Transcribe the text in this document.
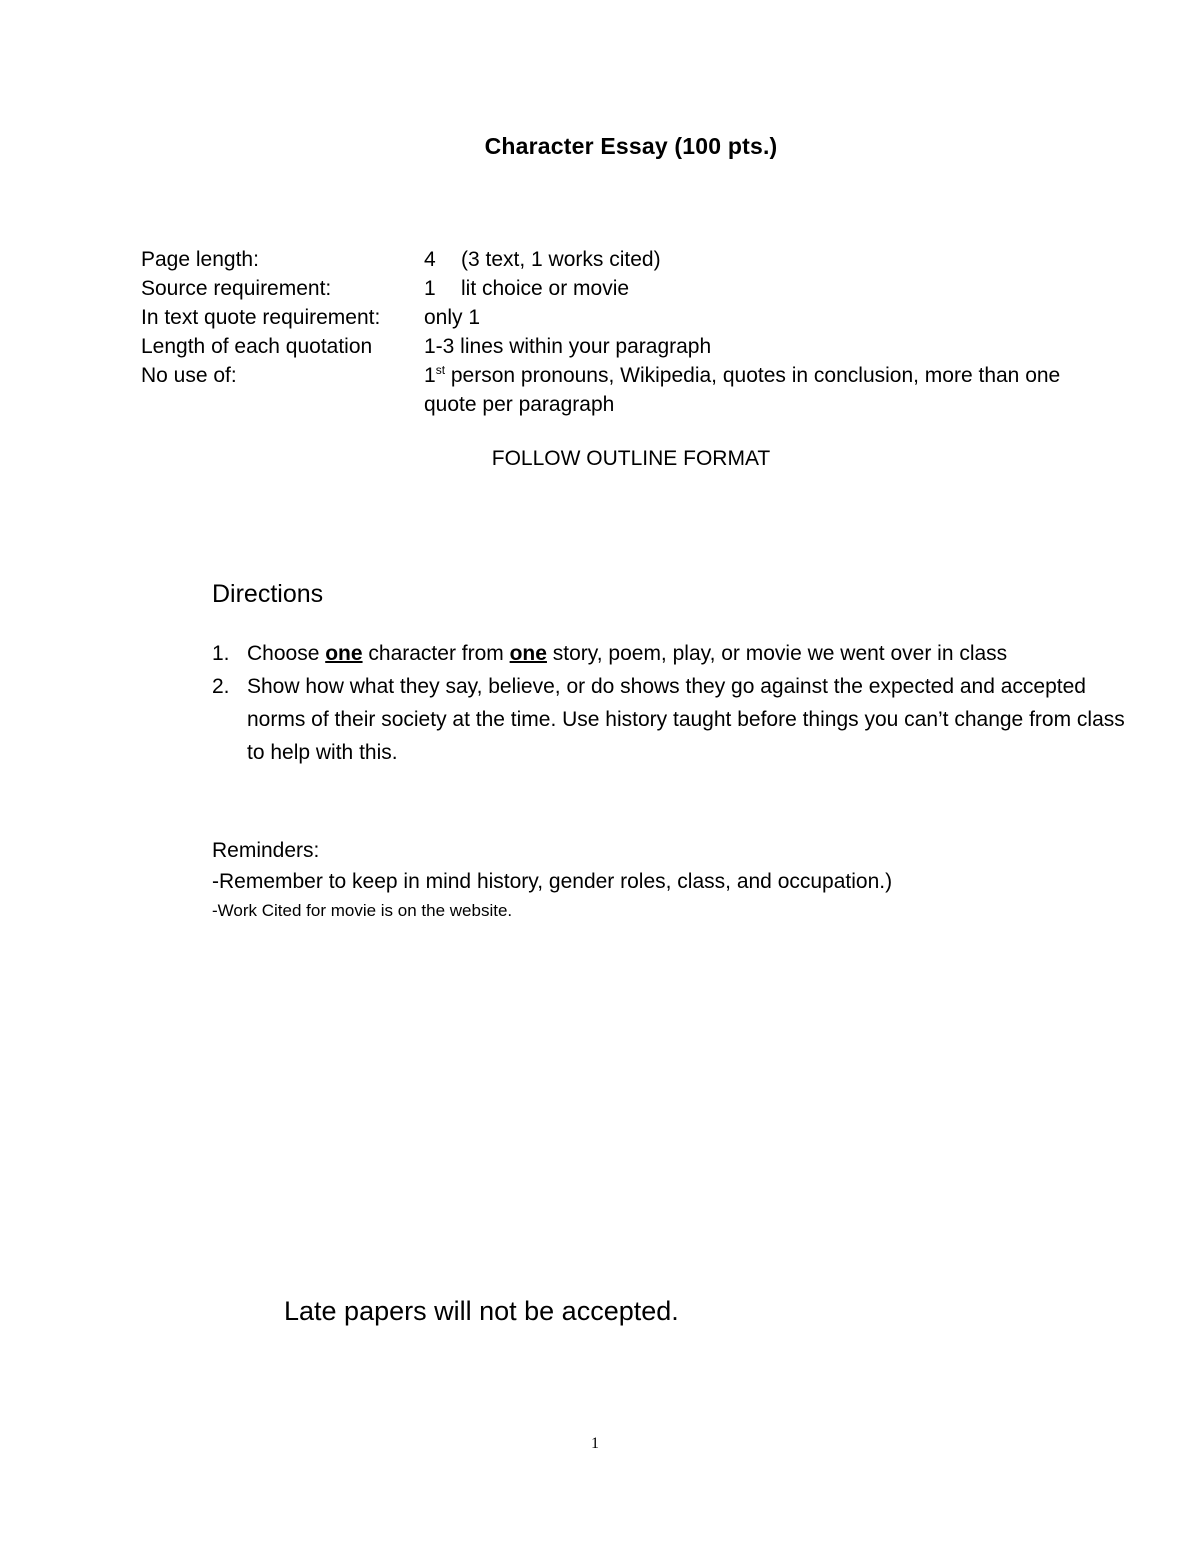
Character Essay (100 pts.)
Page length:	4 (3 text, 1 works cited)
Source requirement:	1 lit choice or movie
In text quote requirement:	only 1
Length of each quotation	1-3 lines within your paragraph
No use of:	1st person pronouns, Wikipedia, quotes in conclusion, more than one quote per paragraph
FOLLOW OUTLINE FORMAT
Directions
1. Choose one character from one story, poem, play, or movie we went over in class
2. Show how what they say, believe, or do shows they go against the expected and accepted norms of their society at the time. Use history taught before things you can’t change from class to help with this.
Reminders:
-Remember to keep in mind history, gender roles, class, and occupation.)
-Work Cited for movie is on the website.
Late papers will not be accepted.
1
